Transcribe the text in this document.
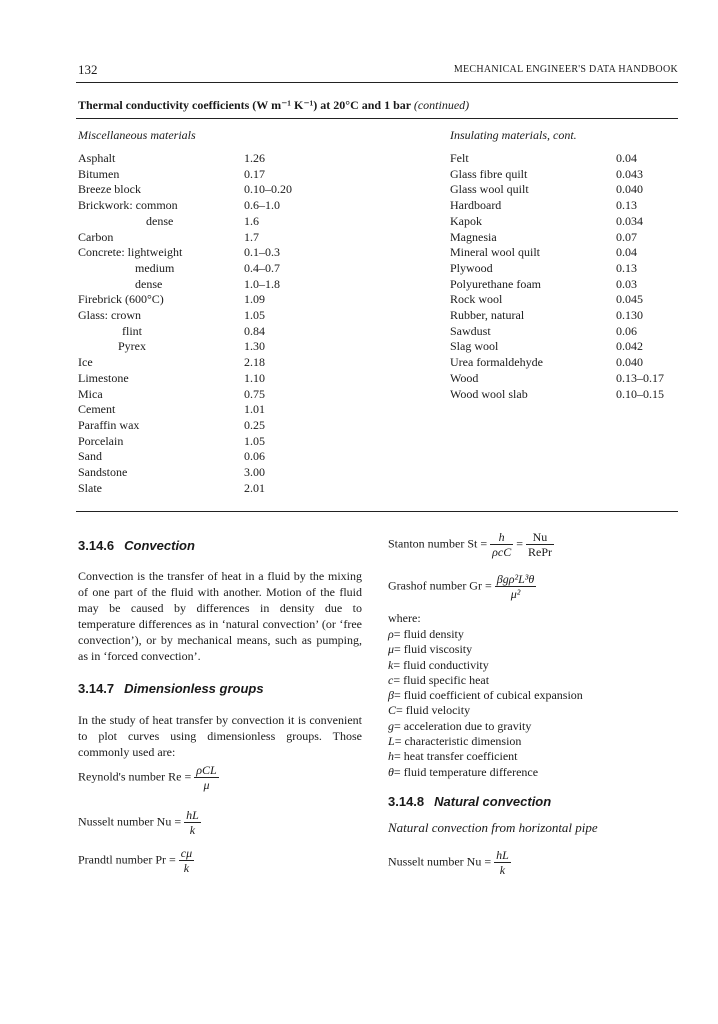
132	MECHANICAL ENGINEER'S DATA HANDBOOK
Thermal conductivity coefficients (W m⁻¹ K⁻¹) at 20°C and 1 bar (continued)
Miscellaneous materials	Insulating materials, cont.
Asphalt	1.26
Bitumen	0.17
Breeze block	0.10–0.20
Brickwork: common	0.6–1.0
dense	1.6
Carbon	1.7
Concrete: lightweight	0.1–0.3
medium	0.4–0.7
dense	1.0–1.8
Firebrick (600°C)	1.09
Glass: crown	1.05
flint	0.84
Pyrex	1.30
Ice	2.18
Limestone	1.10
Mica	0.75
Cement	1.01
Paraffin wax	0.25
Porcelain	1.05
Sand	0.06
Sandstone	3.00
Slate	2.01
Felt	0.04
Glass fibre quilt	0.043
Glass wool quilt	0.040
Hardboard	0.13
Kapok	0.034
Magnesia	0.07
Mineral wool quilt	0.04
Plywood	0.13
Polyurethane foam	0.03
Rock wool	0.045
Rubber, natural	0.130
Sawdust	0.06
Slag wool	0.042
Urea formaldehyde	0.040
Wood	0.13–0.17
Wood wool slab	0.10–0.15
3.14.6 Convection
Convection is the transfer of heat in a fluid by the mixing of one part of the fluid with another. Motion of the fluid may be caused by differences in density due to temperature differences as in ‘natural convection’ (or ‘free convection’), or by mechanical means, such as pumping, as in ‘forced convection’.
3.14.7 Dimensionless groups
In the study of heat transfer by convection it is convenient to plot curves using dimensionless groups. Those commonly used are:
Reynold's number $Re = \frac{\text{ρCL}}{\mu}$
Nusselt number $Nu = \frac{hL}{k}$
Prandtl number $Pr = \frac{c\mu}{k}$
Stanton number $St = \frac{h}{\text{ρcC}} = \frac{Nu}{\text{RePr}}$
Grashof number $Gr = \frac{\text{βgρ²L³θ}}{\text{μ²}}$
where:
ρ= fluid density
μ= fluid viscosity
k= fluid conductivity
c= fluid specific heat
β= fluid coefficient of cubical expansion
C= fluid velocity
g= acceleration due to gravity
L= characteristic dimension
h= heat transfer coefficient
θ= fluid temperature difference
3.14.8 Natural convection
Natural convection from horizontal pipe
Nusselt number $Nu = \frac{hL}{k}$
